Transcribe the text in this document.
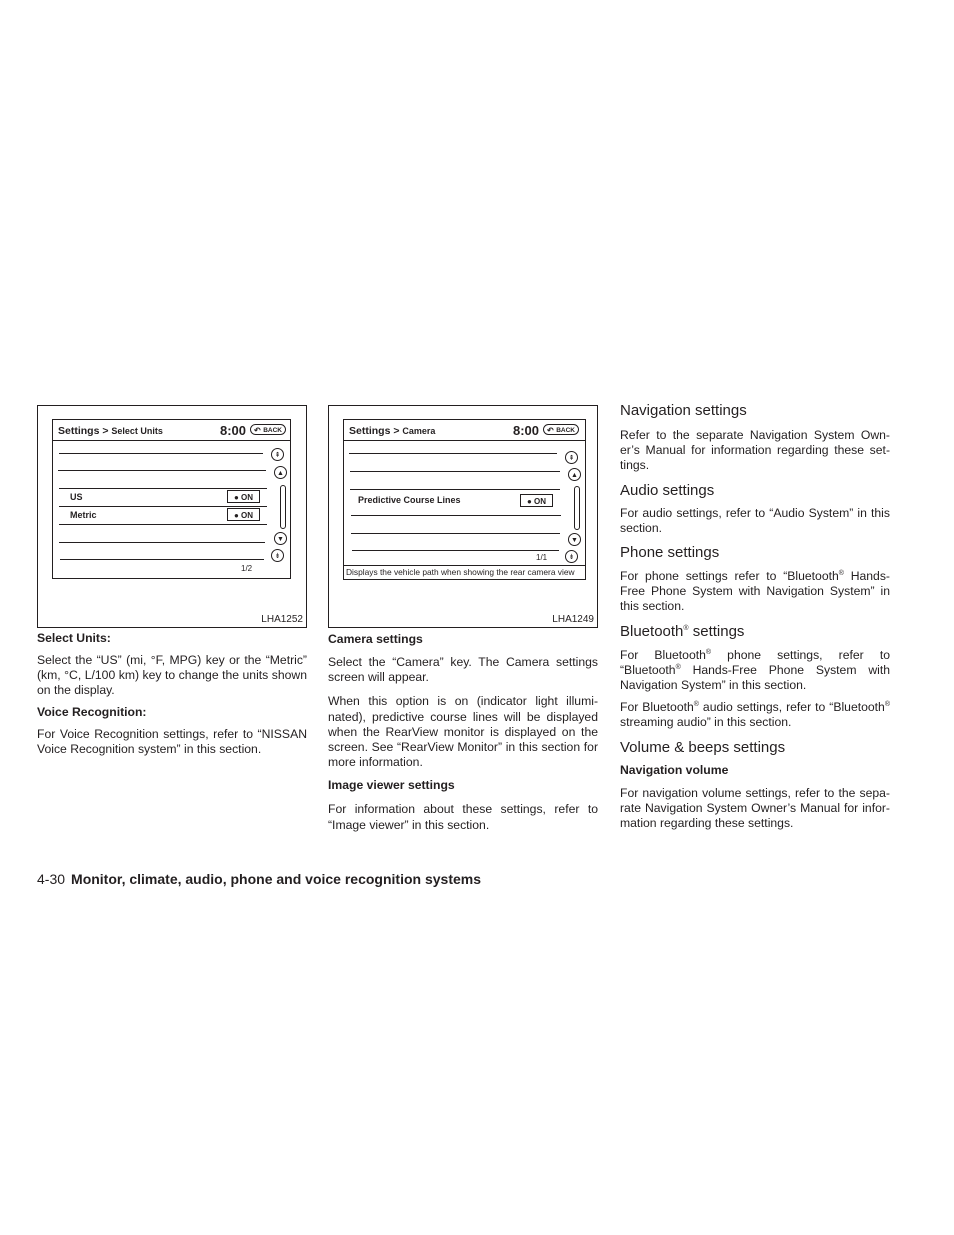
Settings > Select Units	8:00 ↶ BACK
US	● ON
Metric	● ON
⇞
▲
▼
⇟
1/2
LHA1252

Select Units:

Select the “US” (mi, °F, MPG) key or the “Metric” (km, °C, L/100 km) key to change the units shown on the display.

Voice Recognition:

For Voice Recognition settings, refer to “NISSAN Voice Recognition system” in this section.

Settings > Camera	8:00 ↶ BACK
Predictive Course Lines	● ON
⇞
▲
▼
⇟
1/1
Displays the vehicle path when showing the rear camera view
LHA1249

Camera settings

Select the “Camera” key. The Camera settings screen will appear.

When this option is on (indicator light illumi-nated), predictive course lines will be displayed when the RearView monitor is displayed on the screen. See “RearView Monitor” in this section for more information.

Image viewer settings

For information about these settings, refer to “Image viewer” in this section.

Navigation settings

Refer to the separate Navigation System Own-er’s Manual for information regarding these set-tings.

Audio settings

For audio settings, refer to “Audio System” in this section.

Phone settings

For phone settings refer to “Bluetooth® Hands-Free Phone System with Navigation System” in this section.

Bluetooth® settings

For Bluetooth® phone settings, refer to “Bluetooth® Hands-Free Phone System with Navigation System” in this section.

For Bluetooth® audio settings, refer to “Bluetooth® streaming audio” in this section.

Volume & beeps settings

Navigation volume

For navigation volume settings, refer to the sepa-rate Navigation System Owner’s Manual for infor-mation regarding these settings.

4-30 Monitor, climate, audio, phone and voice recognition systems
